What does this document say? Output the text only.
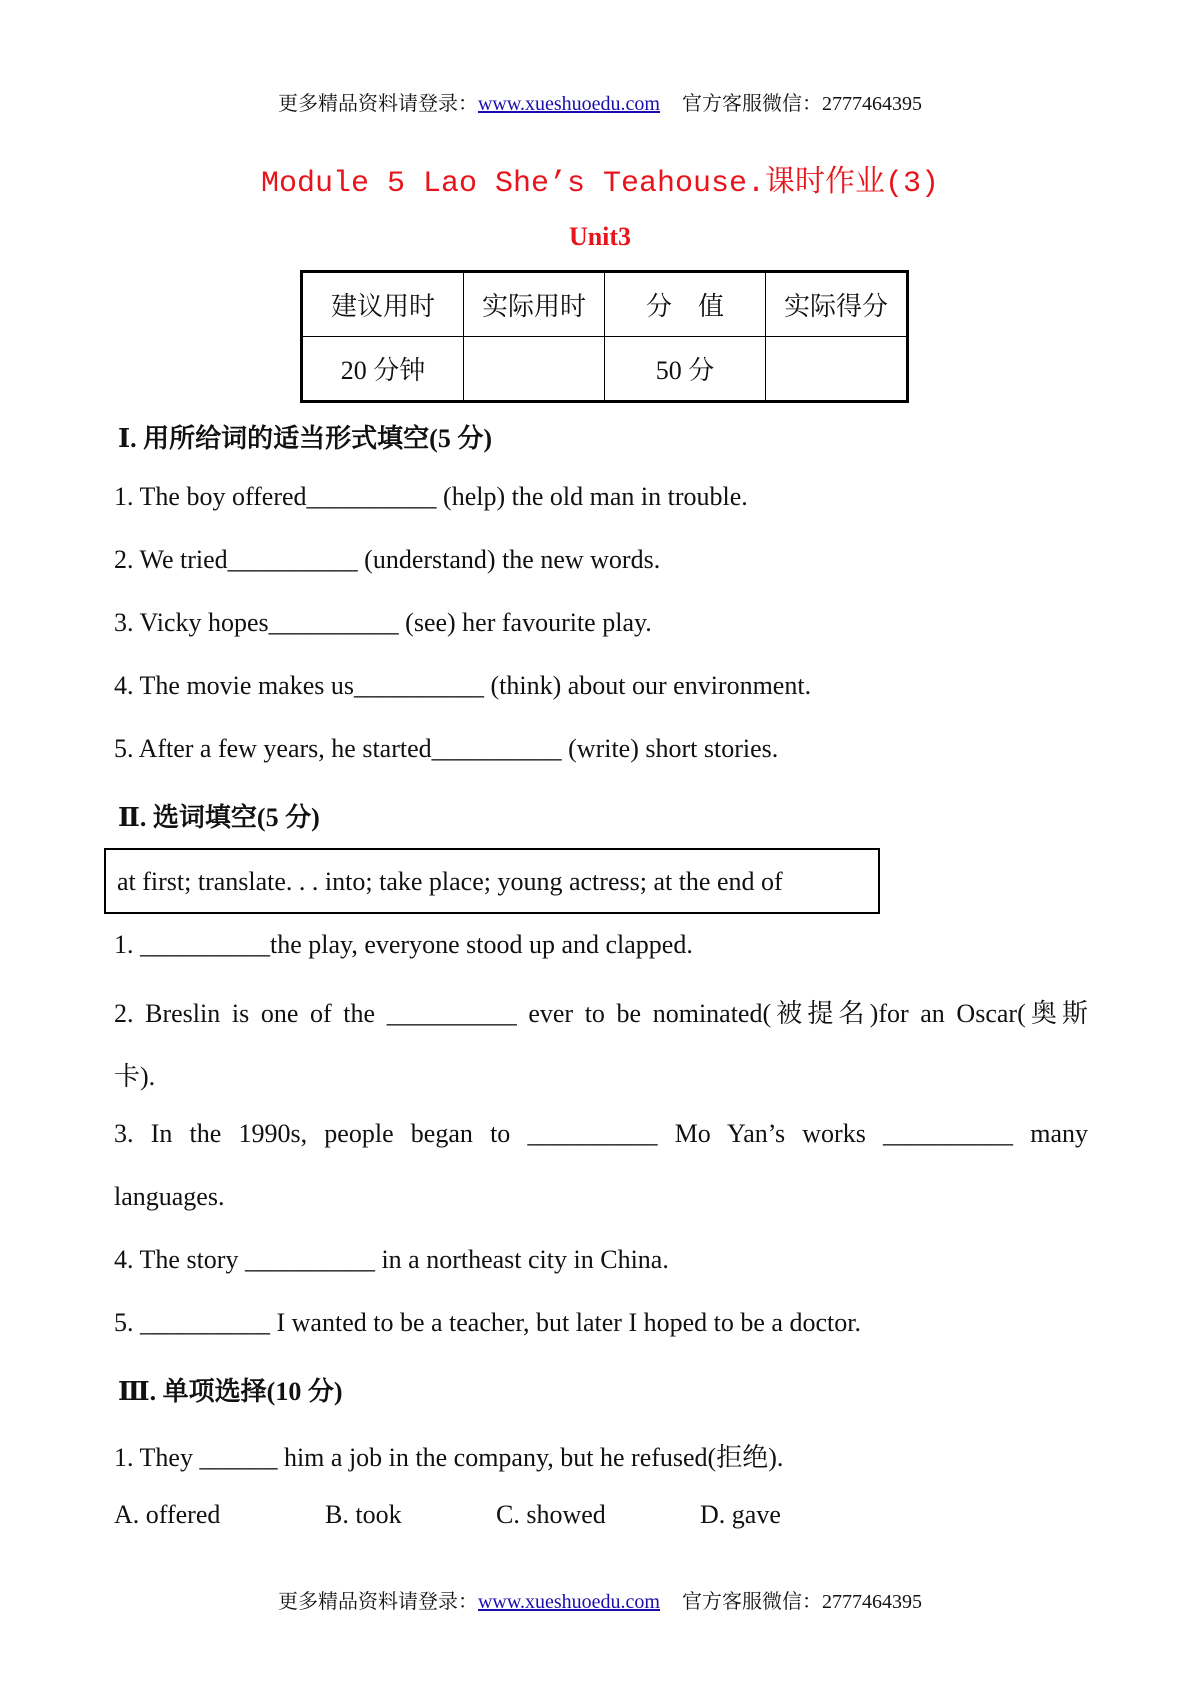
更多精品资料请登录：www.xueshuoedu.com 官方客服微信：2777464395
Module 5 Lao She’s Teahouse.课时作业(3)
Unit3
建议用时	实际用时	分　值	实际得分
20 分钟		50 分	
Ⅰ. 用所给词的适当形式填空(5 分)
1. The boy offered__________ (help) the old man in trouble.
2. We tried__________ (understand) the new words.
3. Vicky hopes__________ (see) her favourite play.
4. The movie makes us__________ (think) about our environment.
5. After a few years, he started__________ (write) short stories.
Ⅱ. 选词填空(5 分)
at first; translate. . . into; take place; young actress; at the end of
1. __________the play, everyone stood up and clapped.
2. Breslin is one of the __________ ever to be nominated(被提名)for an Oscar(奥斯
卡).
3. In the 1990s, people began to __________ Mo Yan’s works __________ many
languages.
4. The story __________ in a northeast city in China.
5. __________ I wanted to be a teacher, but later I hoped to be a doctor.
Ⅲ. 单项选择(10 分)
1. They ______ him a job in the company, but he refused(拒绝).
A. offered	B. took	C. showed	D. gave
更多精品资料请登录：www.xueshuoedu.com 官方客服微信：2777464395
